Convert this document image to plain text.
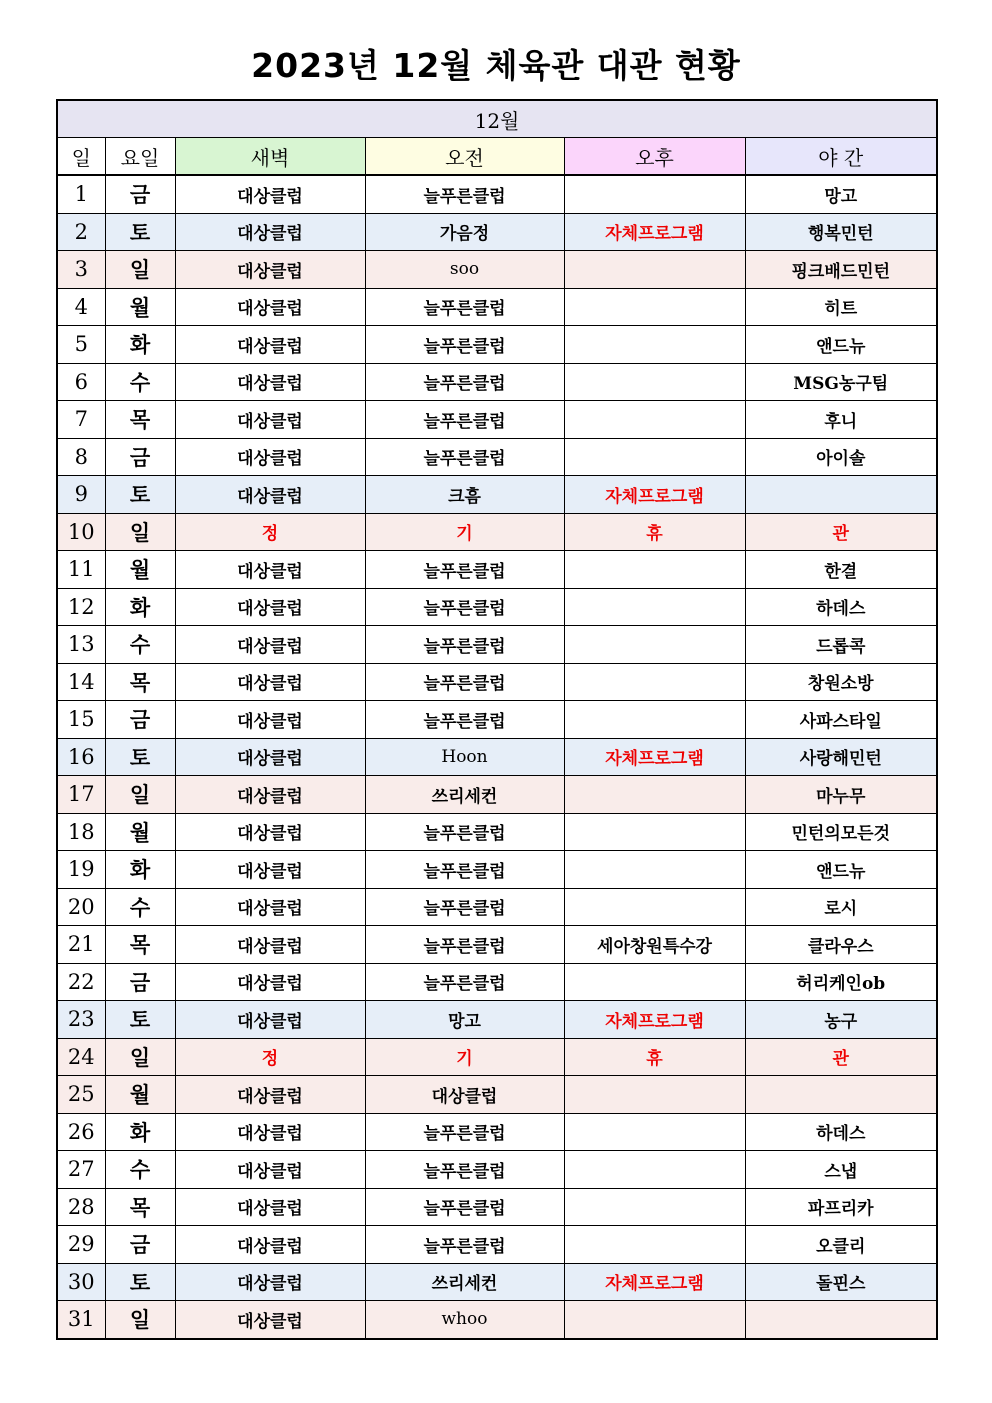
2023년 12월 체육관 대관 현황
12월					
일	요일	새벽	오전	오후	야 간
1	금	대상클럽	늘푸른클럽		망고
2	토	대상클럽	가음정	자체프로그램	행복민턴
3	일	대상클럽	soo		핑크배드민턴
4	월	대상클럽	늘푸른클럽		히트
5	화	대상클럽	늘푸른클럽		앤드뉴
6	수	대상클럽	늘푸른클럽		MSG농구팀
7	목	대상클럽	늘푸른클럽		후니
8	금	대상클럽	늘푸른클럽		아이솔
9	토	대상클럽	크흠	자체프로그램	
10	일	정	기	휴	관
11	월	대상클럽	늘푸른클럽		한결
12	화	대상클럽	늘푸른클럽		하데스
13	수	대상클럽	늘푸른클럽		드롭콕
14	목	대상클럽	늘푸른클럽		창원소방
15	금	대상클럽	늘푸른클럽		사파스타일
16	토	대상클럽	Hoon	자체프로그램	사랑해민턴
17	일	대상클럽	쓰리세컨		마누무
18	월	대상클럽	늘푸른클럽		민턴의모든것
19	화	대상클럽	늘푸른클럽		앤드뉴
20	수	대상클럽	늘푸른클럽		로시
21	목	대상클럽	늘푸른클럽	세아창원특수강	클라우스
22	금	대상클럽	늘푸른클럽		허리케인ob
23	토	대상클럽	망고	자체프로그램	농구
24	일	정	기	휴	관
25	월	대상클럽	대상클럽		
26	화	대상클럽	늘푸른클럽		하데스
27	수	대상클럽	늘푸른클럽		스냅
28	목	대상클럽	늘푸른클럽		파프리카
29	금	대상클럽	늘푸른클럽		오클리
30	토	대상클럽	쓰리세컨	자체프로그램	돌핀스
31	일	대상클럽	whoo		
